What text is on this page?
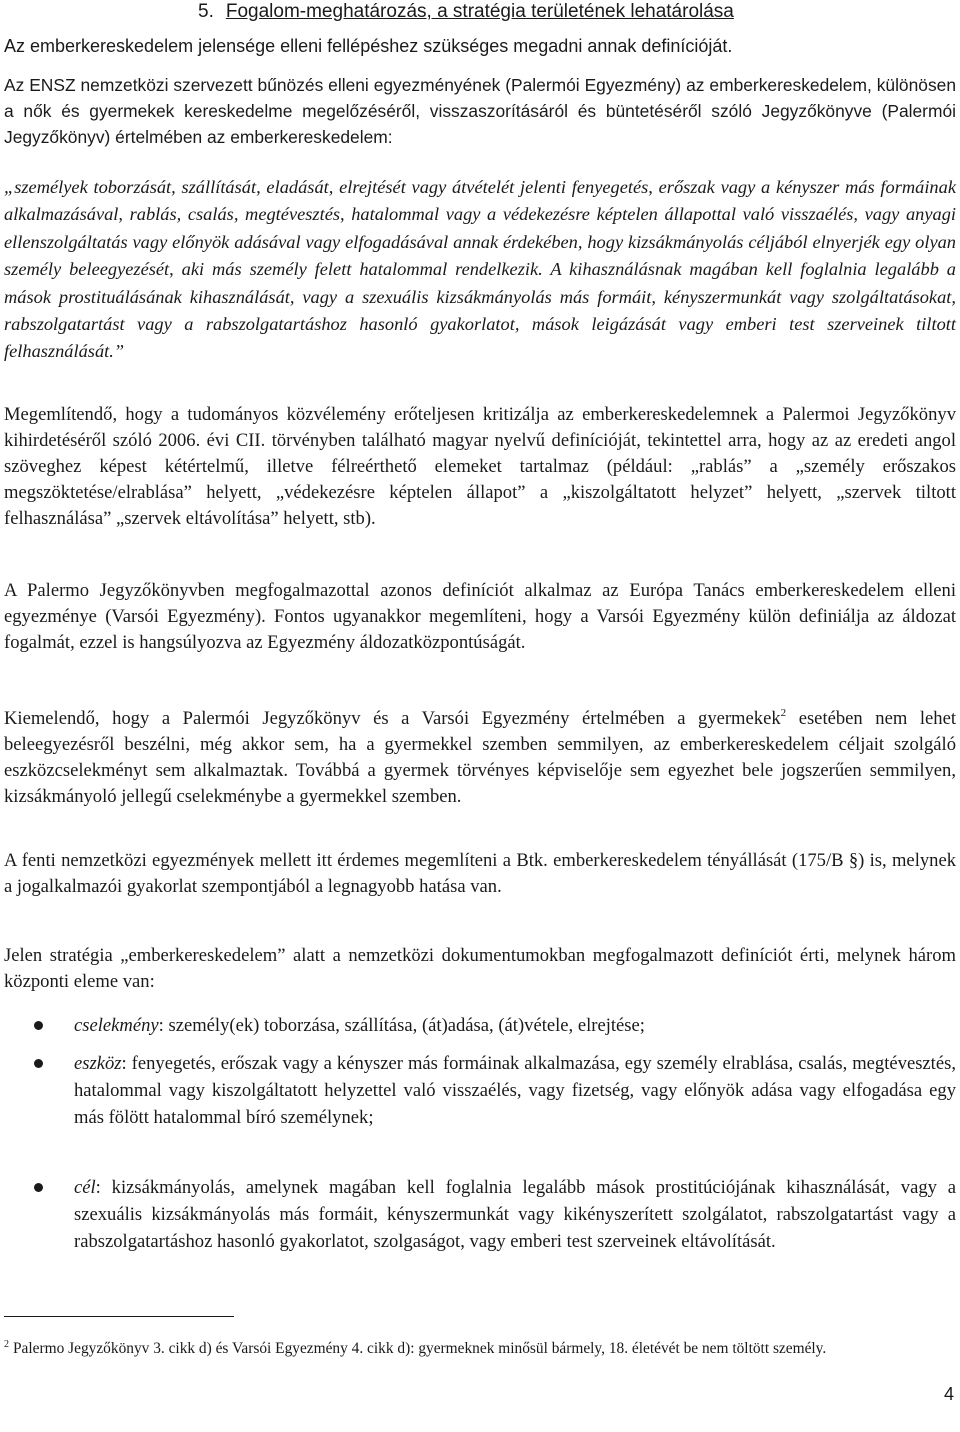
5. Fogalom-meghatározás, a stratégia területének lehatárolása
Az emberkereskedelem jelensége elleni fellépéshez szükséges megadni annak definícióját.

Az ENSZ nemzetközi szervezett bűnözés elleni egyezményének (Palermói Egyezmény) az emberkereskedelem, különösen a nők és gyermekek kereskedelme megelőzéséről, visszaszorításáról és büntetéséről szóló Jegyzőkönyve (Palermói Jegyzőkönyv) értelmében az emberkereskedelem:

„személyek toborzását, szállítását, eladását, elrejtését vagy átvételét jelenti fenyegetés, erőszak vagy a kényszer más formáinak alkalmazásával, rablás, csalás, megtévesztés, hatalommal vagy a védekezésre képtelen állapottal való visszaélés, vagy anyagi ellenszolgáltatás vagy előnyök adásával vagy elfogadásával annak érdekében, hogy kizsákmányolás céljából elnyerjék egy olyan személy beleegyezését, aki más személy felett hatalommal rendelkezik. A kihasználásnak magában kell foglalnia legalább a mások prostituálásának kihasználását, vagy a szexuális kizsákmányolás más formáit, kényszermunkát vagy szolgáltatásokat, rabszolgatartást vagy a rabszolgatartáshoz hasonló gyakorlatot, mások leigázását vagy emberi test szerveinek tiltott felhasználását.”

Megemlítendő, hogy a tudományos közvélemény erőteljesen kritizálja az emberkereskedelemnek a Palermoi Jegyzőkönyv kihirdetéséről szóló 2006. évi CII. törvényben található magyar nyelvű definícióját, tekintettel arra, hogy az az eredeti angol szöveghez képest kétértelmű, illetve félreérthető elemeket tartalmaz (például: „rablás” a „személy erőszakos megszöktetése/elrablása” helyett, „védekezésre képtelen állapot” a „kiszolgáltatott helyzet” helyett, „szervek tiltott felhasználása” „szervek eltávolítása” helyett, stb).

A Palermo Jegyzőkönyvben megfogalmazottal azonos definíciót alkalmaz az Európa Tanács emberkereskedelem elleni egyezménye (Varsói Egyezmény). Fontos ugyanakkor megemlíteni, hogy a Varsói Egyezmény külön definiálja az áldozat fogalmát, ezzel is hangsúlyozva az Egyezmény áldozatközpontúságát.

Kiemelendő, hogy a Palermói Jegyzőkönyv és a Varsói Egyezmény értelmében a gyermekek$^2$ esetében nem lehet beleegyezésről beszélni, még akkor sem, ha a gyermekkel szemben semmilyen, az emberkereskedelem céljait szolgáló eszközcselekményt sem alkalmaztak. Továbbá a gyermek törvényes képviselője sem egyezhet bele jogszerűen semmilyen, kizsákmányoló jellegű cselekménybe a gyermekkel szemben.

A fenti nemzetközi egyezmények mellett itt érdemes megemlíteni a Btk. emberkereskedelem tényállását (175/B §) is, melynek a jogalkalmazói gyakorlat szempontjából a legnagyobb hatása van.

Jelen stratégia „emberkereskedelem” alatt a nemzetközi dokumentumokban megfogalmazott definíciót érti, melynek három központi eleme van:

cselekmény: személy(ek) toborzása, szállítása, (át)adása, (át)vétele, elrejtése;

eszköz: fenyegetés, erőszak vagy a kényszer más formáinak alkalmazása, egy személy elrablása, csalás, megtévesztés, hatalommal vagy kiszolgáltatott helyzettel való visszaélés, vagy fizetség, vagy előnyök adása vagy elfogadása egy más fölött hatalommal bíró személynek;

cél: kizsákmányolás, amelynek magában kell foglalnia legalább mások prostitúciójának kihasználását, vagy a szexuális kizsákmányolás más formáit, kényszermunkát vagy kikényszerített szolgálatot, rabszolgatartást vagy a rabszolgatartáshoz hasonló gyakorlatot, szolgaságot, vagy emberi test szerveinek eltávolítását.

$^2$ Palermo Jegyzőkönyv 3. cikk d) és Varsói Egyezmény 4. cikk d): gyermeknek minősül bármely, 18. életévét be nem töltött személy.

4
